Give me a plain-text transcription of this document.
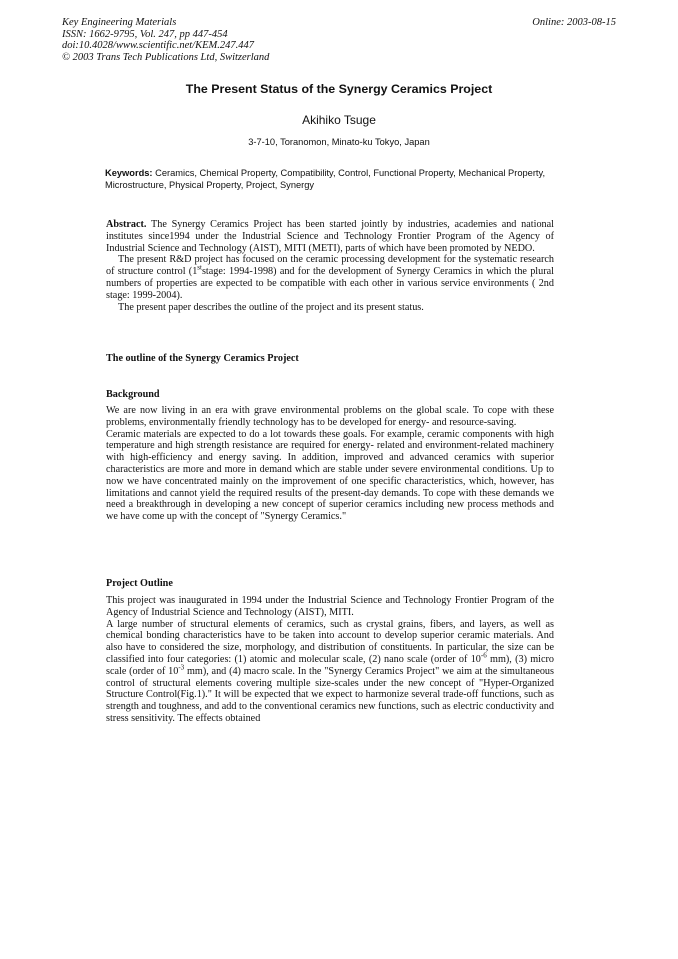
Key Engineering Materials
ISSN: 1662-9795, Vol. 247, pp 447-454
doi:10.4028/www.scientific.net/KEM.247.447
© 2003 Trans Tech Publications Ltd, Switzerland
Online: 2003-08-15
The Present Status of the Synergy Ceramics Project
Akihiko Tsuge
3-7-10, Toranomon, Minato-ku Tokyo, Japan
Keywords: Ceramics, Chemical Property, Compatibility, Control, Functional Property, Mechanical Property, Microstructure, Physical Property, Project, Synergy

Abstract. The Synergy Ceramics Project has been started jointly by industries, academies and national institutes since1994 under the Industrial Science and Technology Frontier Program of the Agency of Industrial Science and Technology (AIST), MITI (METI), parts of which have been promoted by NEDO.

The present R&D project has focused on the ceramic processing development for the systematic research of structure control (1ststage: 1994-1998) and for the development of Synergy Ceramics in which the plural numbers of properties are expected to be compatible with each other in various service environments ( 2nd stage: 1999-2004).

The present paper describes the outline of the project and its present status.

The outline of the Synergy Ceramics Project
Background

We are now living in an era with grave environmental problems on the global scale. To cope with these problems, environmentally friendly technology has to be developed for energy- and resource-saving.

Ceramic materials are expected to do a lot towards these goals. For example, ceramic components with high temperature and high strength resistance are required for energy- related and environment-related machinery with high-efficiency and energy saving. In addition, improved and advanced ceramics with superior characteristics are more and more in demand which are stable under severe environmental conditions. Up to now we have concentrated mainly on the improvement of one specific characteristics, which, however, has limitations and cannot yield the required results of the present-day demands. To cope with these demands we need a breakthrough in developing a new concept of superior ceramics including new process methods and we have come up with the concept of "Synergy Ceramics."

Project Outline

This project was inaugurated in 1994 under the Industrial Science and Technology Frontier Program of the Agency of Industrial Science and Technology (AIST), MITI.

A large number of structural elements of ceramics, such as crystal grains, fibers, and layers, as well as chemical bonding characteristics have to be taken into account to develop superior ceramic materials. And also have to considered the size, morphology, and distribution of constituents. In particular, the size can be classified into four categories: (1) atomic and molecular scale, (2) nano scale (order of $10^{-6}$ mm), (3) micro scale (order of $10^{-3}$ mm), and (4) macro scale. In the "Synergy Ceramics Project" we aim at the simultaneous control of structural elements covering multiple size-scales under the new concept of "Hyper-Organized Structure Control(Fig.1)." It will be expected that we expect to harmonize several trade-off functions, such as strength and toughness, and add to the conventional ceramics new functions, such as electric conductivity and stress sensitivity. The effects obtained
